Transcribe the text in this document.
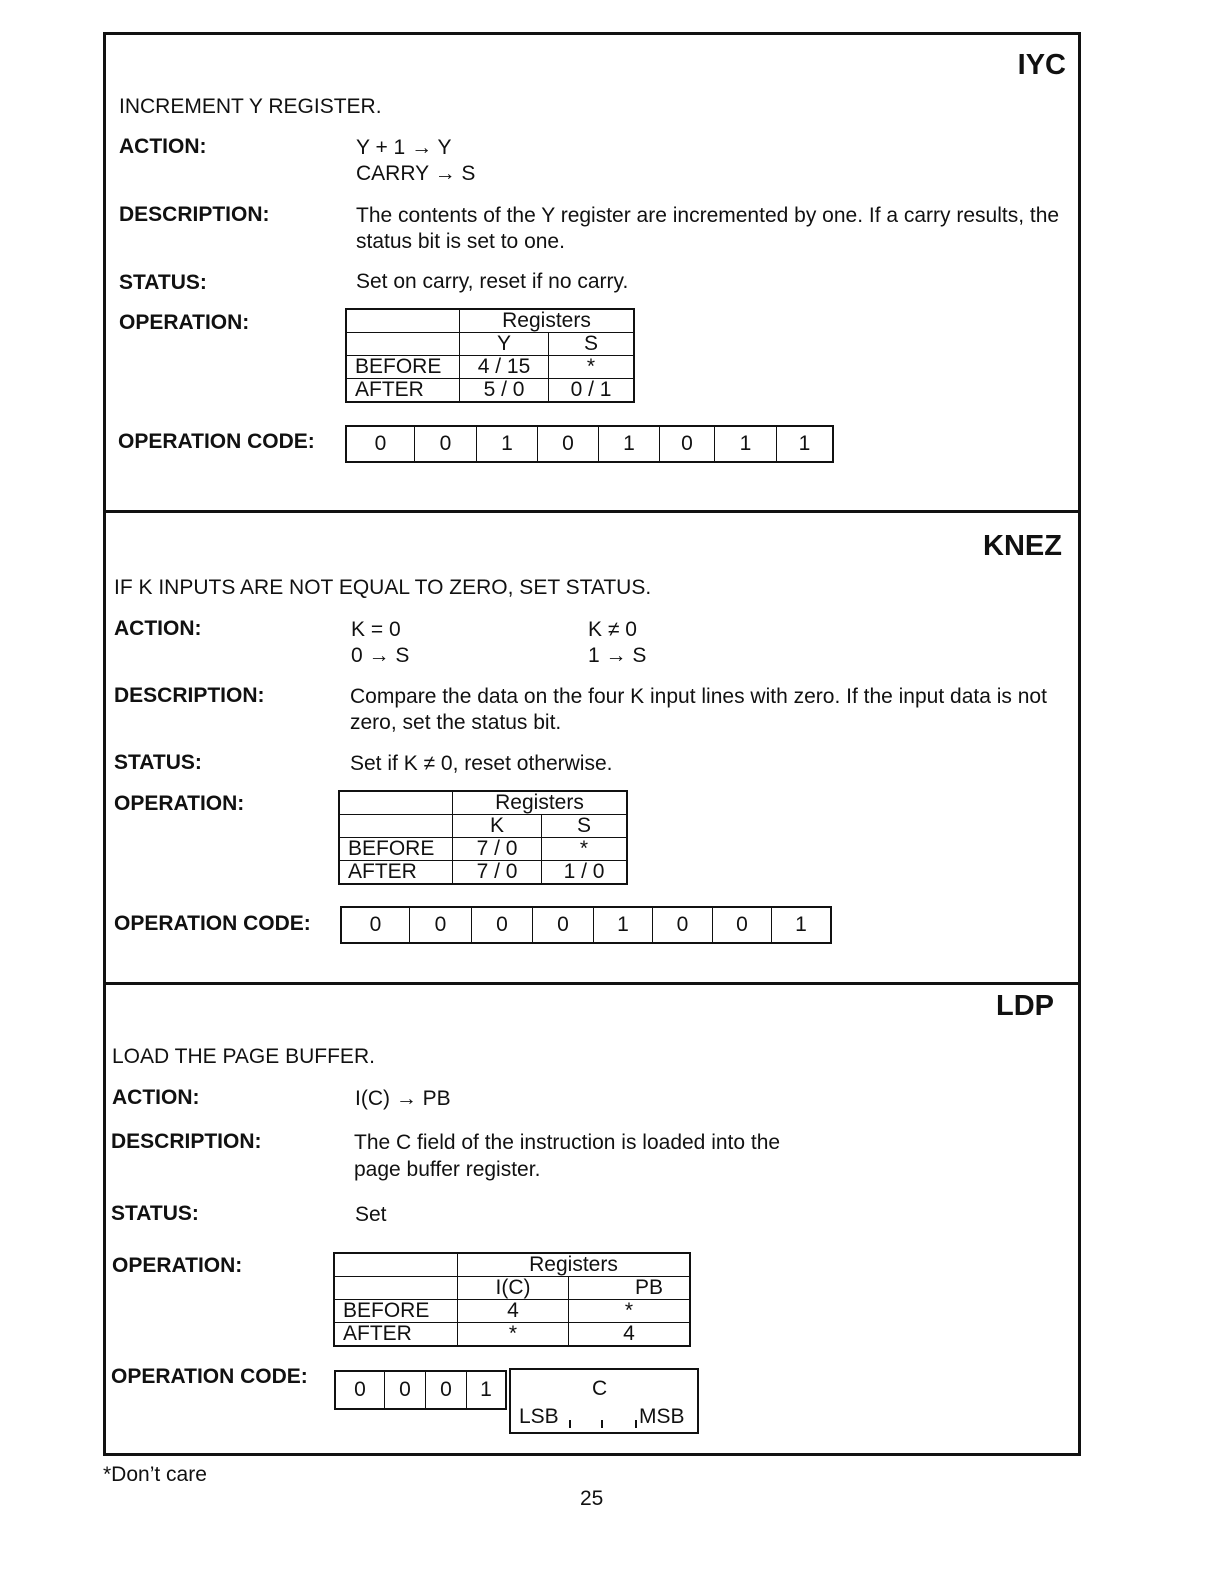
IYC
INCREMENT Y REGISTER.
ACTION:	Y + 1 → Y
CARRY → S
DESCRIPTION:	The contents of the Y register are incremented by one. If a carry results, the status bit is set to one.
STATUS:	Set on carry, reset if no carry.
OPERATION:
		Registers	
	Y	S
BEFORE	4 / 15	*
AFTER	5 / 0	0 / 1
OPERATION CODE:	0	0	1	0	1	0	1	1
KNEZ
IF K INPUTS ARE NOT EQUAL TO ZERO, SET STATUS.
ACTION:	K = 0
0 → S
K ≠ 0
1 → S
DESCRIPTION:	Compare the data on the four K input lines with zero. If the input data is not zero, set the status bit.
STATUS:	Set if K ≠ 0, reset otherwise.
OPERATION:
		Registers	
	K	S
BEFORE	7 / 0	*
AFTER	7 / 0	1 / 0
OPERATION CODE:	0	0	0	0	1	0	0	1
LDP
LOAD THE PAGE BUFFER.
ACTION:	I(C) → PB
DESCRIPTION:	The C field of the instruction is loaded into the
page buffer register.
STATUS:	Set
OPERATION:
		Registers	
	I(C)	PB
BEFORE	4	*
AFTER	*	4
OPERATION CODE:
0	0	0	1	C
LSB	MSB
*Don’t care
25
